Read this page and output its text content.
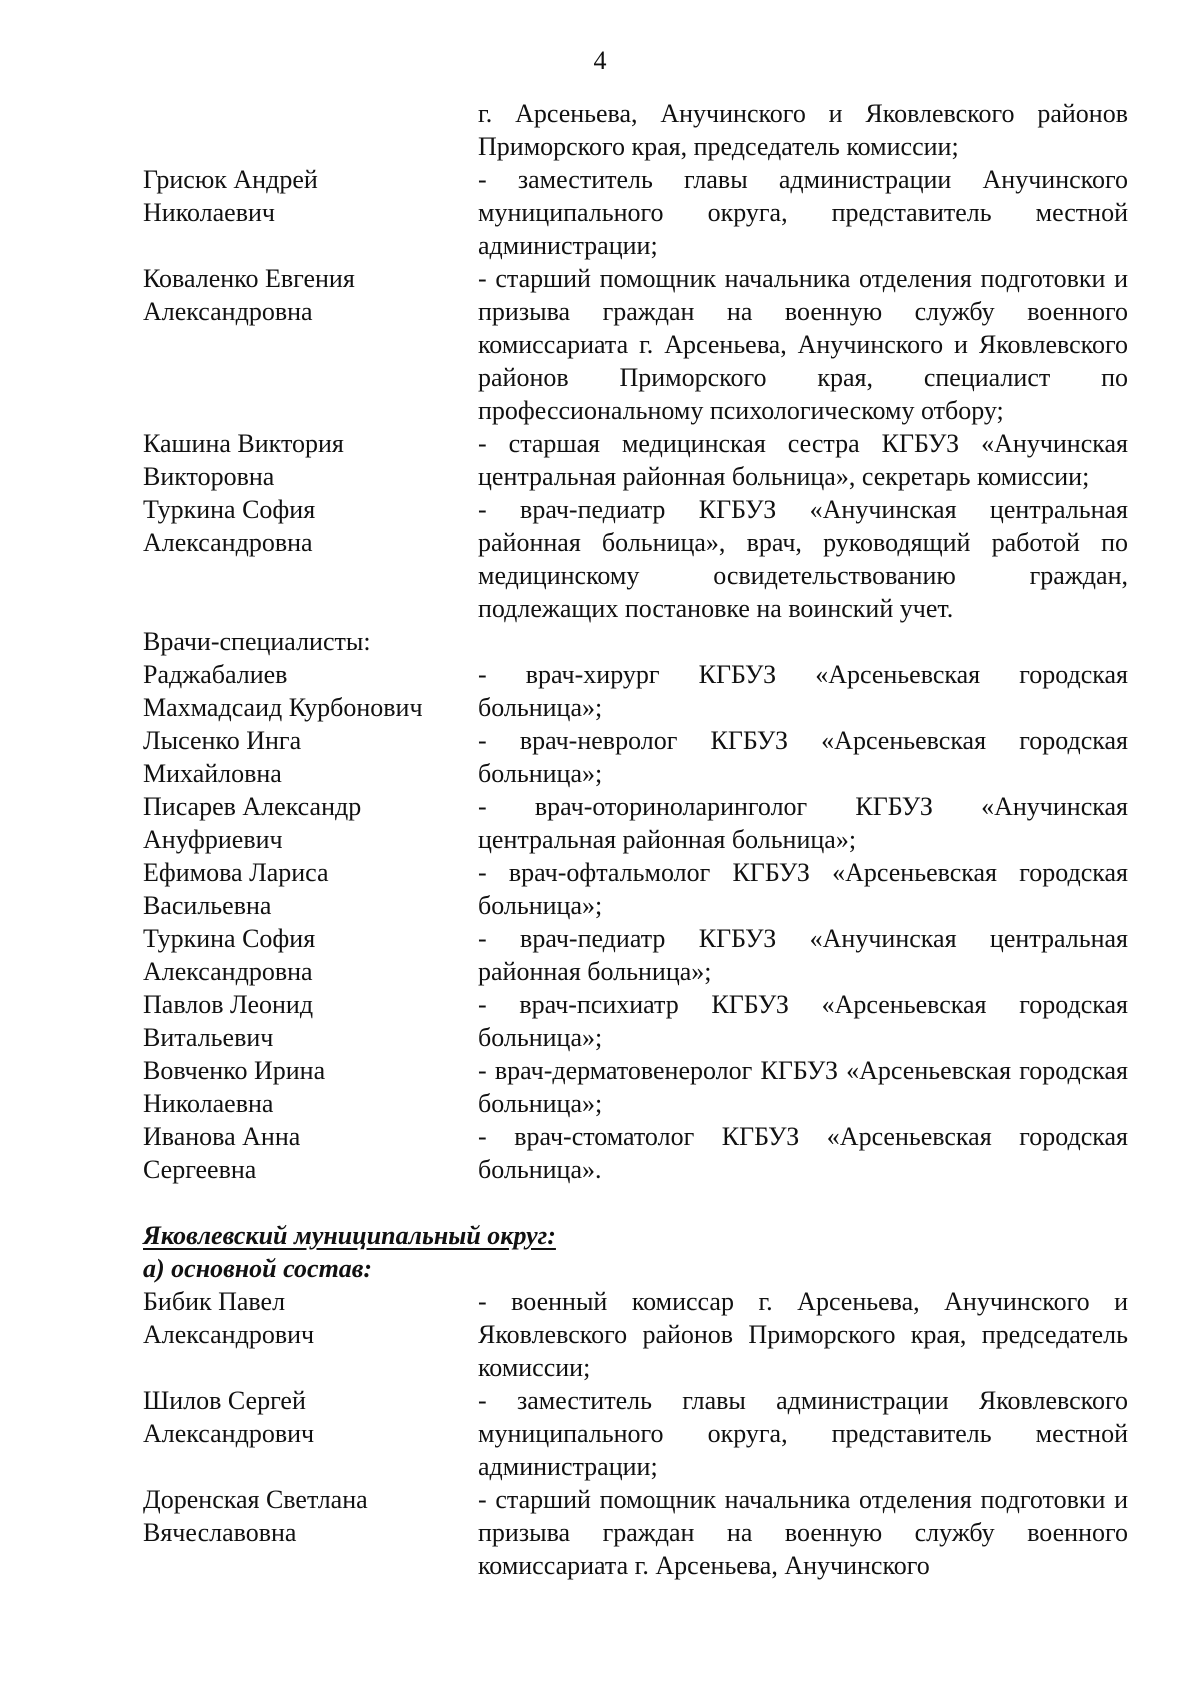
4
г. Арсеньева, Анучинского и Яковлевского районов Приморского края, председатель комиссии;
Грисюк Андрей
Николаевич
- заместитель главы администрации Анучинского муниципального округа, представитель местной администрации;
Коваленко Евгения
Александровна
- старший помощник начальника отделения подготовки и призыва граждан на военную службу военного комиссариата г. Арсеньева, Анучинского и Яковлевского районов Приморского края, специалист по профессиональному психологическому отбору;
Кашина Виктория
Викторовна
- старшая медицинская сестра КГБУЗ «Анучинская центральная районная больница», секретарь комиссии;
Туркина София
Александровна
- врач-педиатр КГБУЗ «Анучинская центральная районная больница», врач, руководящий работой по медицинскому освидетельствованию граждан, подлежащих постановке на воинский учет.
Врачи-специалисты:
Раджабалиев
Махмадсаид Курбонович
- врач-хирург КГБУЗ «Арсеньевская городская больница»;
Лысенко Инга
Михайловна
- врач-невролог КГБУЗ «Арсеньевская городская больница»;
Писарев Александр
Ануфриевич
- врач-оториноларинголог КГБУЗ «Анучинская центральная районная больница»;
Ефимова Лариса
Васильевна
- врач-офтальмолог КГБУЗ «Арсеньевская городская больница»;
Туркина София
Александровна
- врач-педиатр КГБУЗ «Анучинская центральная районная больница»;
Павлов Леонид
Витальевич
- врач-психиатр КГБУЗ «Арсеньевская городская больница»;
Вовченко Ирина
Николаевна
- врач-дерматовенеролог КГБУЗ «Арсеньевская городская больница»;
Иванова Анна
Сергеевна
- врач-стоматолог КГБУЗ «Арсеньевская городская больница».
Яковлевский муниципальный округ:
а) основной состав:
Бибик Павел
Александрович
- военный комиссар г. Арсеньева, Анучинского и Яковлевского районов Приморского края, председатель комиссии;
Шилов Сергей
Александрович
- заместитель главы администрации Яковлевского муниципального округа, представитель местной администрации;
Доренская Светлана
Вячеславовна
- старший помощник начальника отделения подготовки и призыва граждан на военную службу военного комиссариата г. Арсеньева, Анучинского
